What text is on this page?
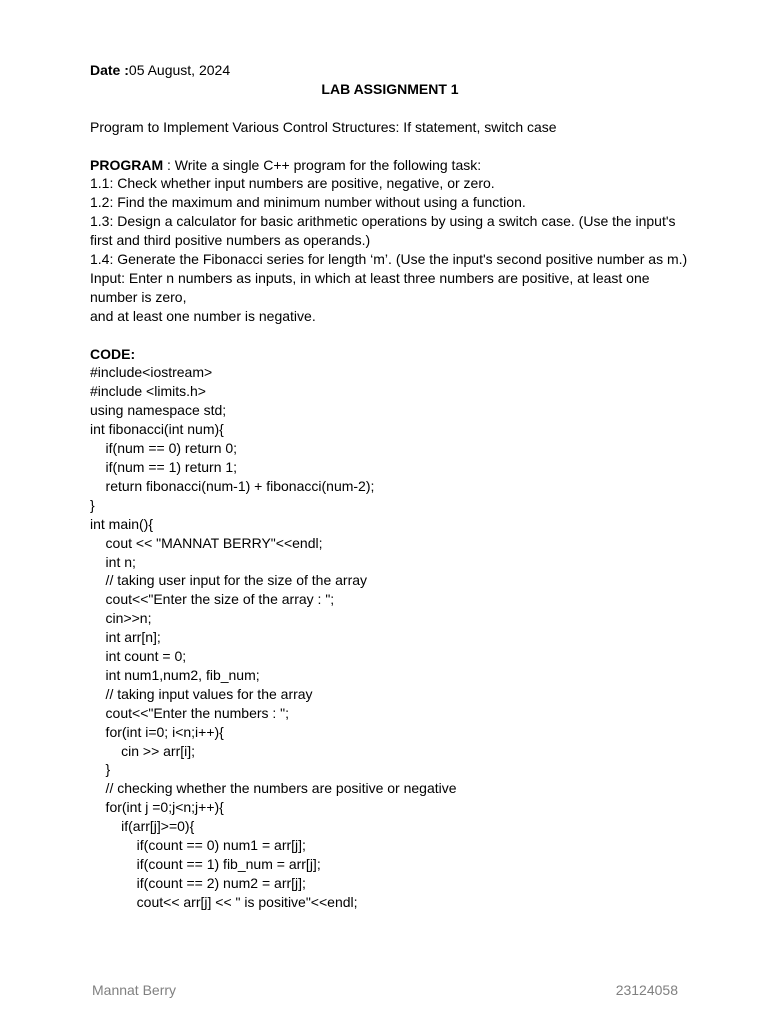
Date :05 August, 2024
LAB ASSIGNMENT 1
Program to Implement Various Control Structures: If statement, switch case
PROGRAM : Write a single C++ program for the following task:
1.1: Check whether input numbers are positive, negative, or zero.
1.2: Find the maximum and minimum number without using a function.
1.3: Design a calculator for basic arithmetic operations by using a switch case. (Use the input's first and third positive numbers as operands.)
1.4: Generate the Fibonacci series for length ‘m’. (Use the input's second positive number as m.)
Input: Enter n numbers as inputs, in which at least three numbers are positive, at least one number is zero,
and at least one number is negative.
CODE:
#include<iostream>
#include <limits.h>
using namespace std;
int fibonacci(int num){
if(num == 0) return 0;
if(num == 1) return 1;
return fibonacci(num-1) + fibonacci(num-2);
}
int main(){
cout << "MANNAT BERRY"<<endl;
int n;
// taking user input for the size of the array
cout<<"Enter the size of the array : ";
cin>>n;
int arr[n];
int count = 0;
int num1,num2, fib_num;
// taking input values for the array
cout<<"Enter the numbers : ";
for(int i=0; i<n;i++){
cin >> arr[i];
}
// checking whether the numbers are positive or negative
for(int j =0;j<n;j++){
if(arr[j]>=0){
if(count == 0) num1 = arr[j];
if(count == 1) fib_num = arr[j];
if(count == 2) num2 = arr[j];
cout<< arr[j] << " is positive"<<endl;
Mannat Berry	23124058
